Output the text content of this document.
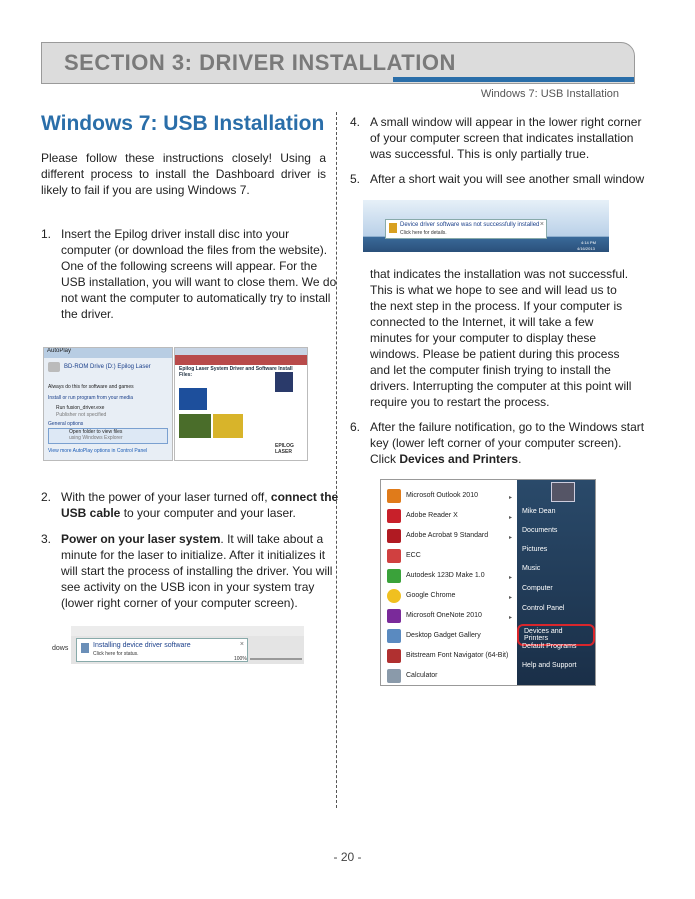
SECTION 3: DRIVER INSTALLATION
Windows 7: USB Installation
Windows 7: USB Installation

Please follow these instructions closely! Using a different process to install the Dashboard driver is likely to fail if you are using Windows 7.

1. Insert the Epilog driver install disc into your computer (or download the files from the website). One of the following screens will appear. For the USB installation, you will want to close them. We do not want the computer to automatically try to install the driver.
AutoPlay
BD-ROM Drive (D:) Epilog Laser
Always do this for software and games
Install or run program from your media
Run fusion_driver.exe
Publisher not specified
General options
Open folder to view files
using Windows Explorer
View more AutoPlay options in Control Panel
Epilog Laser System Driver and Software Install Files:
EPILOG LASER
2. With the power of your laser turned off, connect the USB cable to your computer and your laser.
3. Power on your laser system. It will take about a minute for the laser to initialize. After it initializes it will start the process of installing the driver. You will see activity on the USB icon in your system tray (lower right corner of your computer screen).
dows	Installing device driver software
Click here for status.
×
100%
4. A small window will appear in the lower right corner of your computer screen that indicates installation was successful. This is only partially true.
5. After a short wait you will see another small window
Device driver software was not successfully installed
Click here for details.
×
4:14 PM
4/16/2013

that indicates the installation was not successful. This is what we hope to see and will lead us to the next step in the process. If your computer is connected to the Internet, it will take a few minutes for your computer to display these windows. Please be patient during this process and let the computer finish trying to install the drivers. Interrupting the computer at this point will require you to restart the process.

6. After the failure notification, go to the Windows start key (lower left corner of your computer screen). Click Devices and Printers.
Microsoft Outlook 2010
Adobe Reader X
Adobe Acrobat 9 Standard
ECC
Autodesk 123D Make 1.0
Google Chrome
Microsoft OneNote 2010
Desktop Gadget Gallery
Bitstream Font Navigator (64-Bit)
Calculator
▸
▸
▸

▸
▸
▸
Mike Dean
Documents
Pictures
Music
Computer
Control Panel
Devices and Printers
Default Programs
Help and Support
- 20 -
